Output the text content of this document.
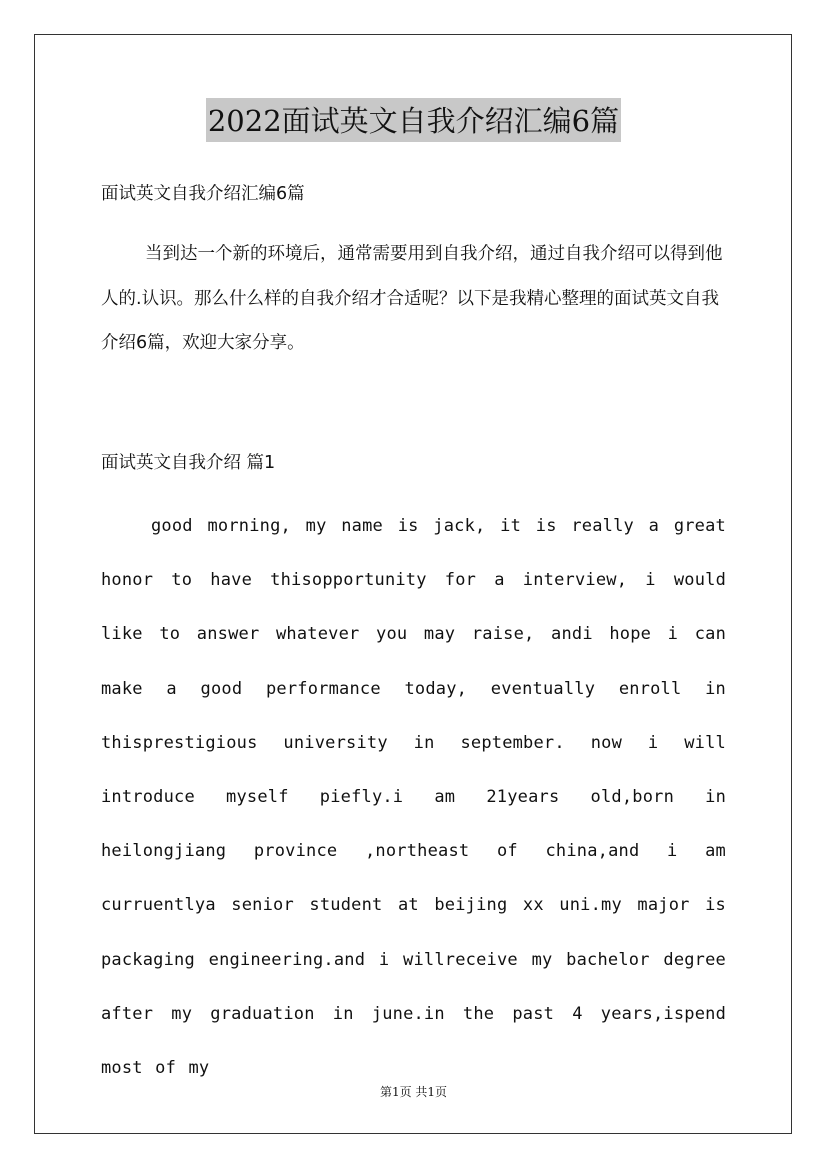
2022面试英文自我介绍汇编6篇

面试英文自我介绍汇编6篇

当到达一个新的环境后，通常需要用到自我介绍，通过自我介绍可以得到他人的.认识。那么什么样的自我介绍才合适呢？以下是我精心整理的面试英文自我介绍6篇，欢迎大家分享。

面试英文自我介绍 篇1

good morning, my name is jack, it is really a great honor to have thisopportunity for a interview, i would like to answer whatever you may raise, andi hope i can make a good performance today, eventually enroll in thisprestigious university in september. now i will introduce myself piefly.i am 21years old,born in heilongjiang province ,northeast of china,and i am curruentlya senior student at beijing xx uni.my major is packaging engineering.and i willreceive my bachelor degree after my graduation in june.in the past 4 years,ispend most of my

第1页 共1页
